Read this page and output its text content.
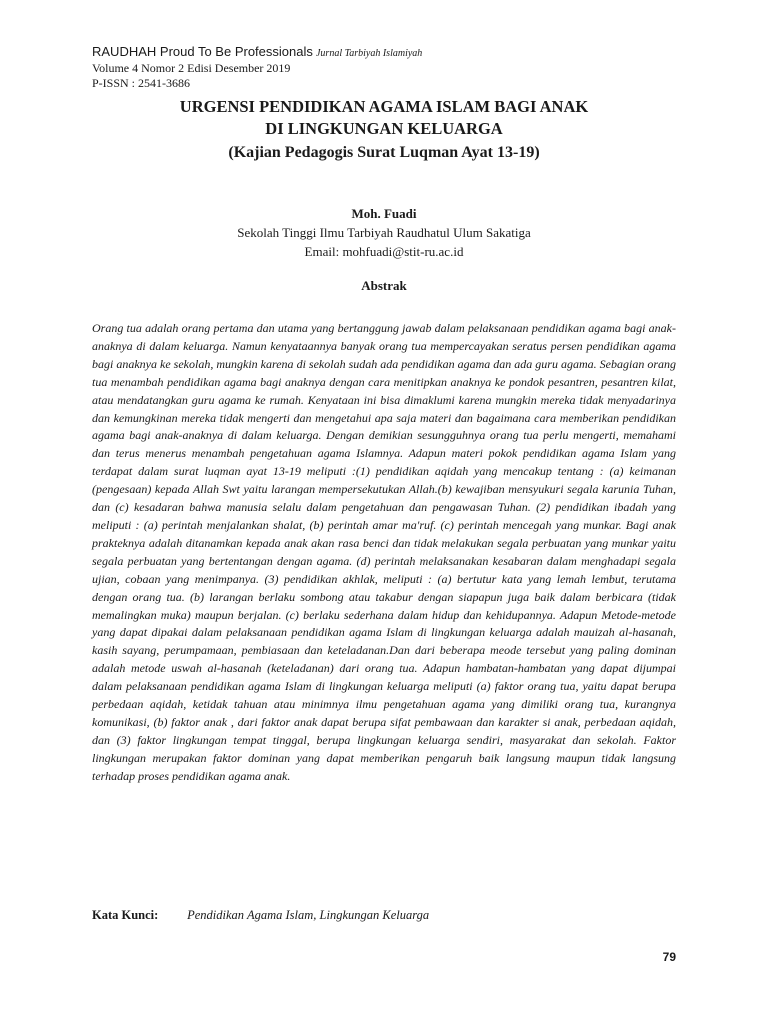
RAUDHAH Proud To Be Professionals Jurnal Tarbiyah Islamiyah
Volume 4 Nomor 2 Edisi Desember 2019
P-ISSN : 2541-3686
URGENSI PENDIDIKAN AGAMA ISLAM BAGI ANAK
DI LINGKUNGAN KELUARGA
(Kajian Pedagogis Surat Luqman Ayat 13-19)
Moh. Fuadi
Sekolah Tinggi Ilmu Tarbiyah Raudhatul Ulum Sakatiga
Email: mohfuadi@stit-ru.ac.id
Abstrak
Orang tua adalah orang pertama dan utama yang bertanggung jawab dalam pelaksanaan pendidikan agama bagi anak-anaknya di dalam keluarga. Namun kenyataannya banyak orang tua mempercayakan seratus persen pendidikan agama bagi anaknya ke sekolah, mungkin karena di sekolah sudah ada pendidikan agama dan ada guru agama. Sebagian orang tua menambah pendidikan agama bagi anaknya dengan cara menitipkan anaknya ke pondok pesantren, pesantren kilat, atau mendatangkan guru agama ke rumah. Kenyataan ini bisa dimaklumi karena mungkin mereka tidak menyadarinya dan kemungkinan mereka tidak mengerti dan mengetahui apa saja materi dan bagaimana cara memberikan pendidikan agama bagi anak-anaknya di dalam keluarga. Dengan demikian sesungguhnya orang tua perlu mengerti, memahami dan terus menerus menambah pengetahuan agama Islamnya. Adapun materi pokok pendidikan agama Islam yang terdapat dalam surat luqman ayat 13-19 meliputi :(1) pendidikan aqidah yang mencakup tentang : (a) keimanan (pengesaan) kepada Allah Swt yaitu larangan mempersekutukan Allah.(b) kewajiban mensyukuri segala karunia Tuhan, dan (c) kesadaran bahwa manusia selalu dalam pengetahuan dan pengawasan Tuhan. (2) pendidikan ibadah yang meliputi : (a) perintah menjalankan shalat, (b) perintah amar ma'ruf. (c) perintah mencegah yang munkar. Bagi anak prakteknya adalah ditanamkan kepada anak akan rasa benci dan tidak melakukan segala perbuatan yang munkar yaitu segala perbuatan yang bertentangan dengan agama. (d) perintah melaksanakan kesabaran dalam menghadapi segala ujian, cobaan yang menimpanya. (3) pendidikan akhlak, meliputi : (a) bertutur kata yang lemah lembut, terutama dengan orang tua. (b) larangan berlaku sombong atau takabur dengan siapapun juga baik dalam berbicara (tidak memalingkan muka) maupun berjalan. (c) berlaku sederhana dalam hidup dan kehidupannya. Adapun Metode-metode yang dapat dipakai dalam pelaksanaan pendidikan agama Islam di lingkungan keluarga adalah mauizah al-hasanah, kasih sayang, perumpamaan, pembiasaan dan keteladanan.Dan dari beberapa meode tersebut yang paling dominan adalah metode uswah al-hasanah (keteladanan) dari orang tua. Adapun hambatan-hambatan yang dapat dijumpai dalam pelaksanaan pendidikan agama Islam di lingkungan keluarga meliputi (a) faktor orang tua, yaitu dapat berupa perbedaan aqidah, ketidak tahuan atau minimnya ilmu pengetahuan agama yang dimiliki orang tua, kurangnya komunikasi, (b) faktor anak , dari faktor anak dapat berupa sifat pembawaan dan karakter si anak, perbedaan aqidah, dan (3) faktor lingkungan tempat tinggal, berupa lingkungan keluarga sendiri, masyarakat dan sekolah. Faktor lingkungan merupakan faktor dominan yang dapat memberikan pengaruh baik langsung maupun tidak langsung terhadap proses pendidikan agama anak.
Kata Kunci: Pendidikan Agama Islam, Lingkungan Keluarga
79
